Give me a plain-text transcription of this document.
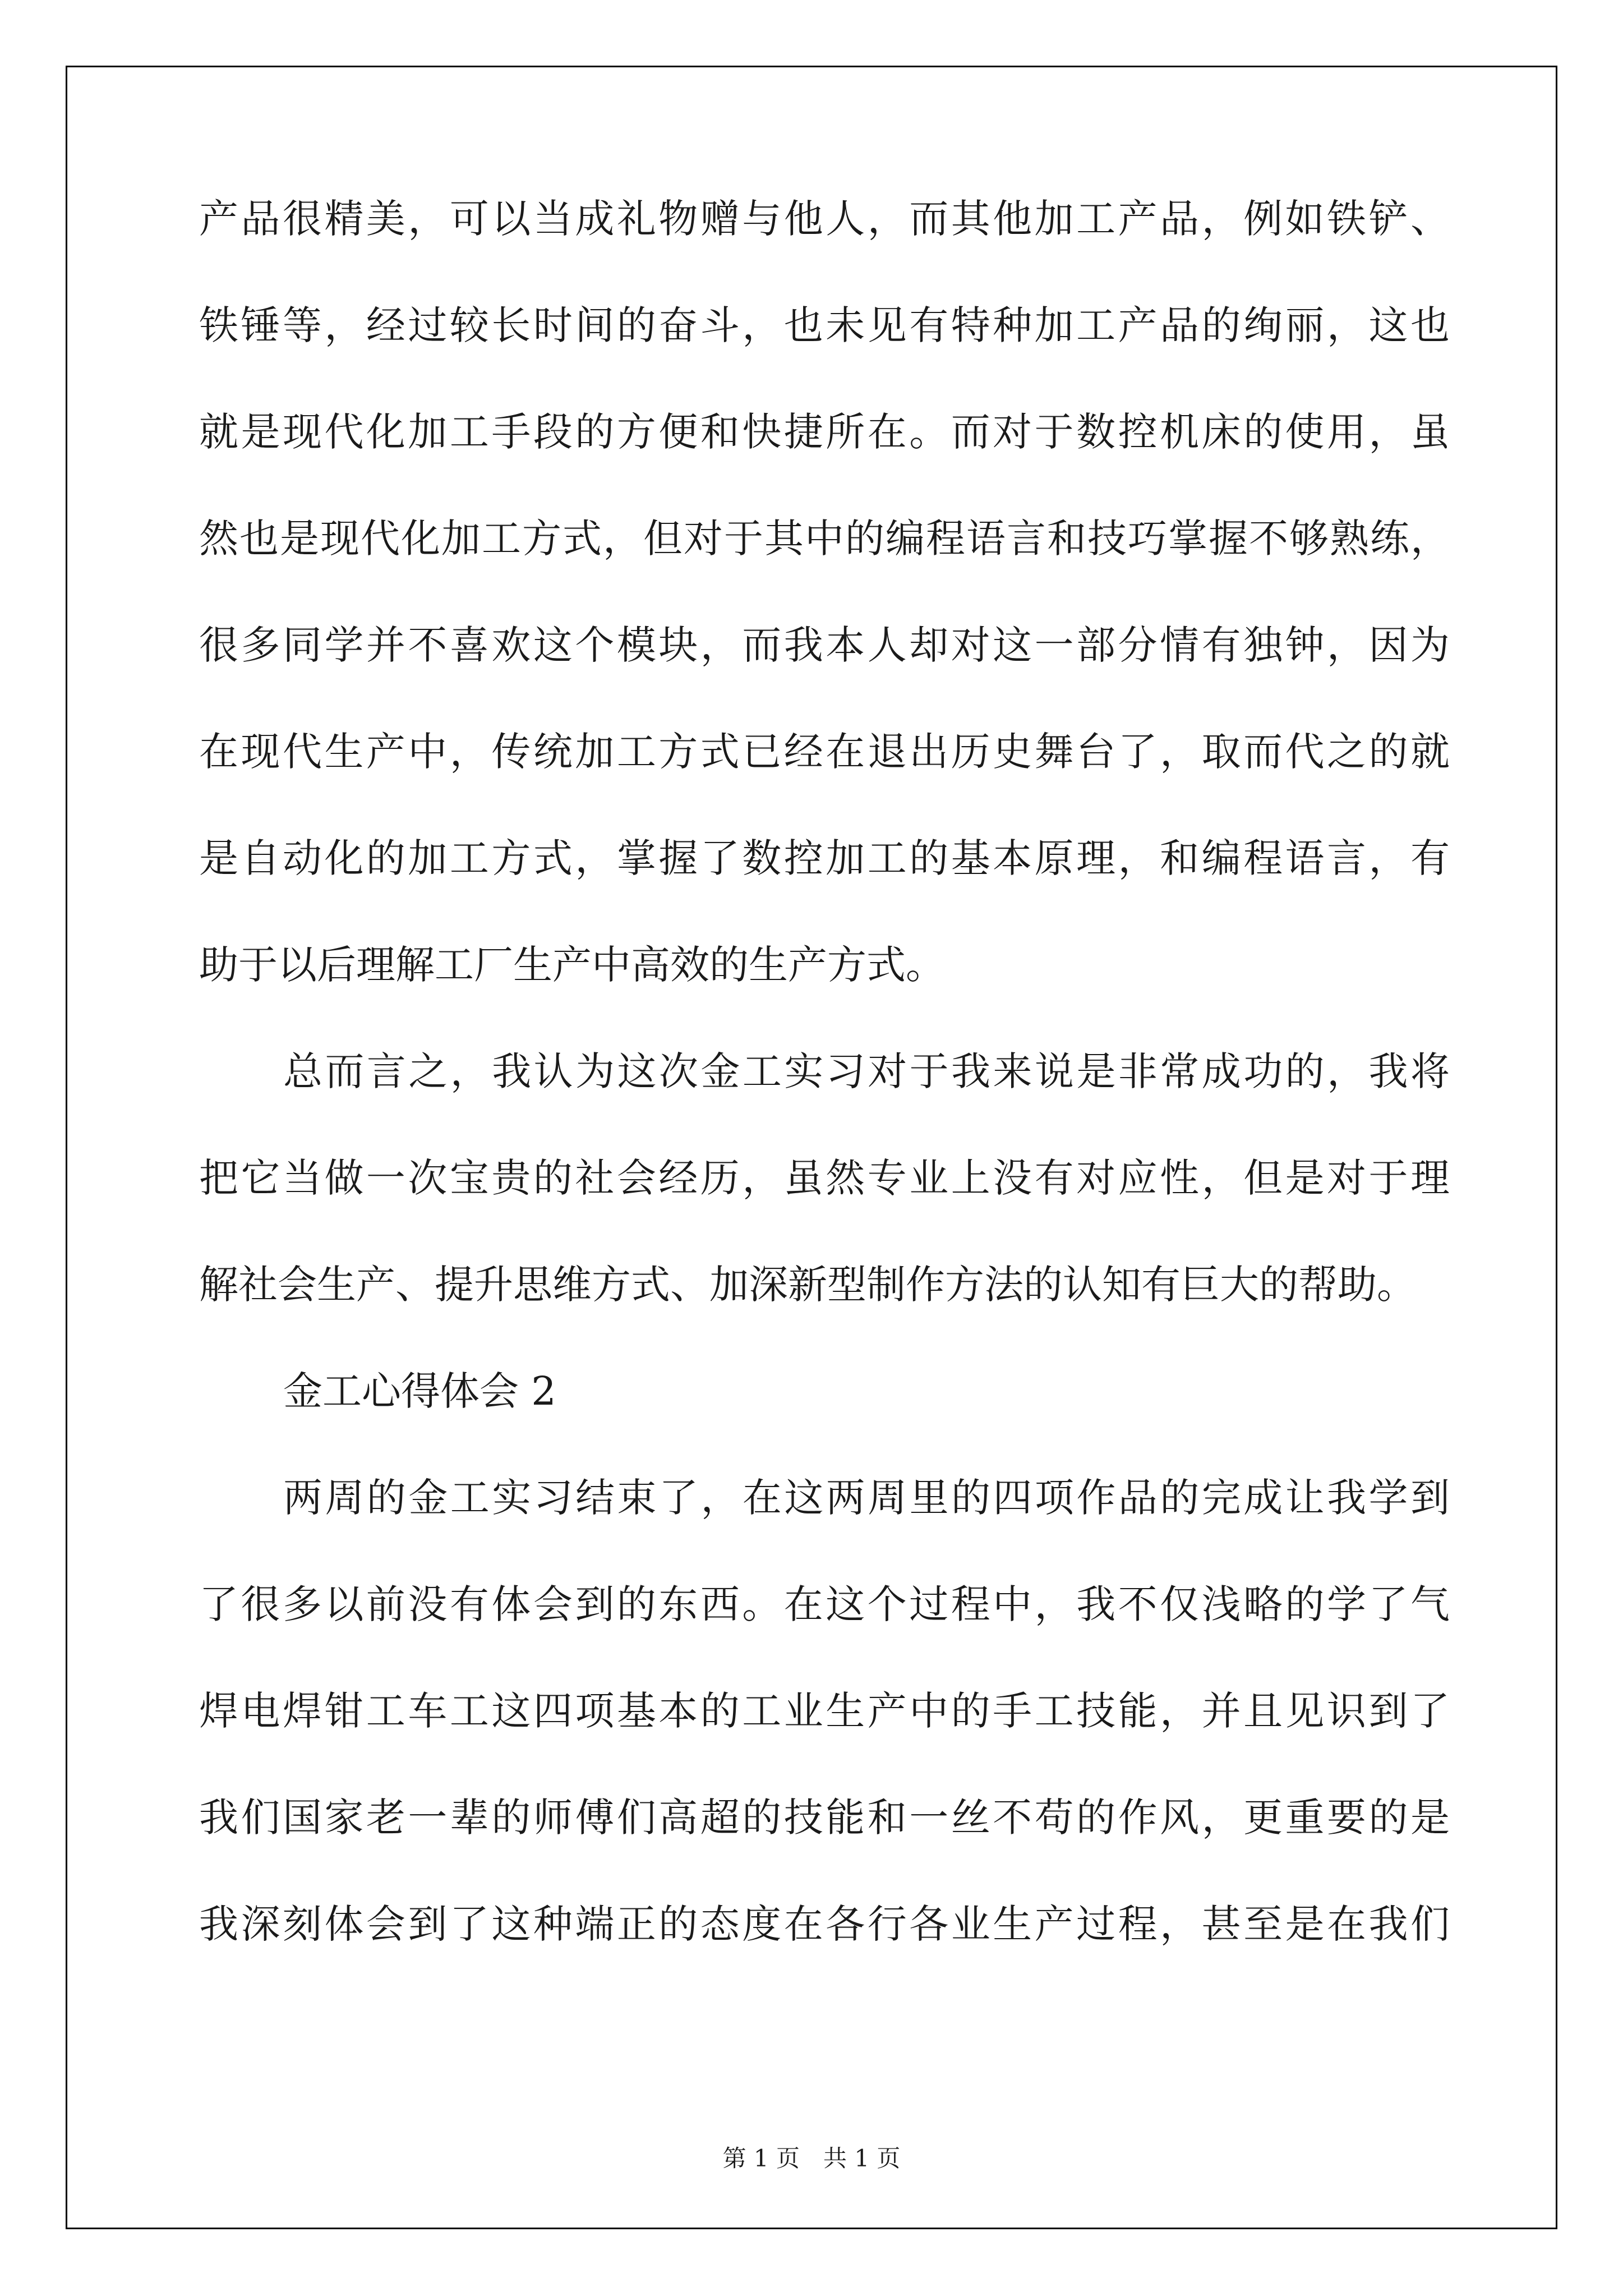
产品很精美，可以当成礼物赠与他人，而其他加工产品，例如铁铲、
铁锤等，经过较长时间的奋斗，也未见有特种加工产品的绚丽，这也
就是现代化加工手段的方便和快捷所在。而对于数控机床的使用，虽
然也是现代化加工方式，但对于其中的编程语言和技巧掌握不够熟练，
很多同学并不喜欢这个模块，而我本人却对这一部分情有独钟，因为
在现代生产中，传统加工方式已经在退出历史舞台了，取而代之的就
是自动化的加工方式，掌握了数控加工的基本原理，和编程语言，有
助于以后理解工厂生产中高效的生产方式。
总而言之，我认为这次金工实习对于我来说是非常成功的，我将
把它当做一次宝贵的社会经历，虽然专业上没有对应性，但是对于理
解社会生产、提升思维方式、加深新型制作方法的认知有巨大的帮助。
金工心得体会 2
两周的金工实习结束了，在这两周里的四项作品的完成让我学到
了很多以前没有体会到的东西。在这个过程中，我不仅浅略的学了气
焊电焊钳工车工这四项基本的工业生产中的手工技能，并且见识到了
我们国家老一辈的师傅们高超的技能和一丝不苟的作风，更重要的是
我深刻体会到了这种端正的态度在各行各业生产过程，甚至是在我们
第 1 页　共 1 页
